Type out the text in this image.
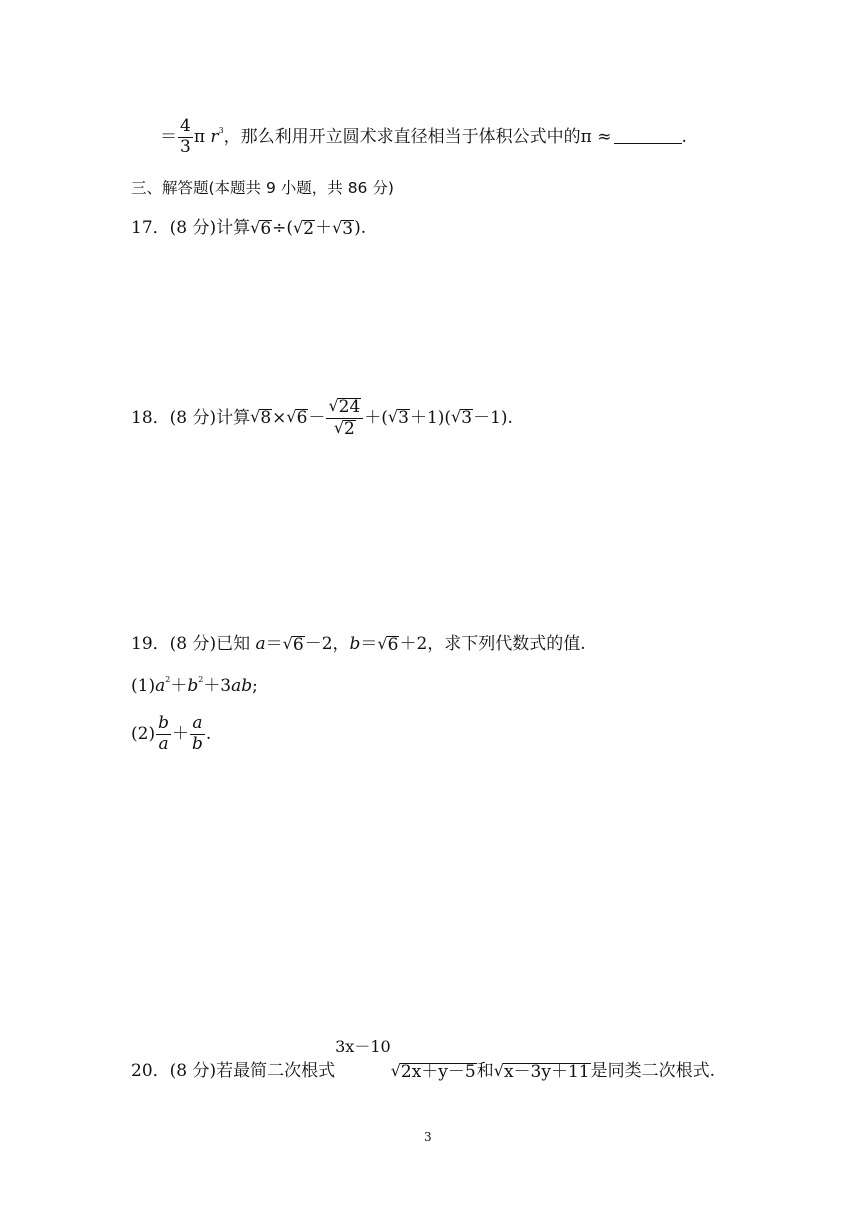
＝ $\frac{4}{3}$ π $r^3$，那么利用开立圆术求直径相当于体积公式中的π ≈	.
三、解答题(本题共 9 小题，共 86 分)
17．(8 分)计算 √ 6 ÷( √ 2 ＋ √ 3 ).
18．(8 分)计算 √ 8 × √ $6 - \frac{√ 24}{√ 2}$ ＋( √ 3 ＋1)( √ 3 －1).
19．(8 分)已知 a＝ √ 6 －2，b＝ √ 6 ＋2，求下列代数式的值.
$(1)a^2+b^2+3ab$;
$(2) \frac{b}{a} + \frac{a}{b}$ .
20．(8 分)若最简二次根式3x－10
√ 2x＋y－5 和 √ x－3y＋11 是同类二次根式.
3
